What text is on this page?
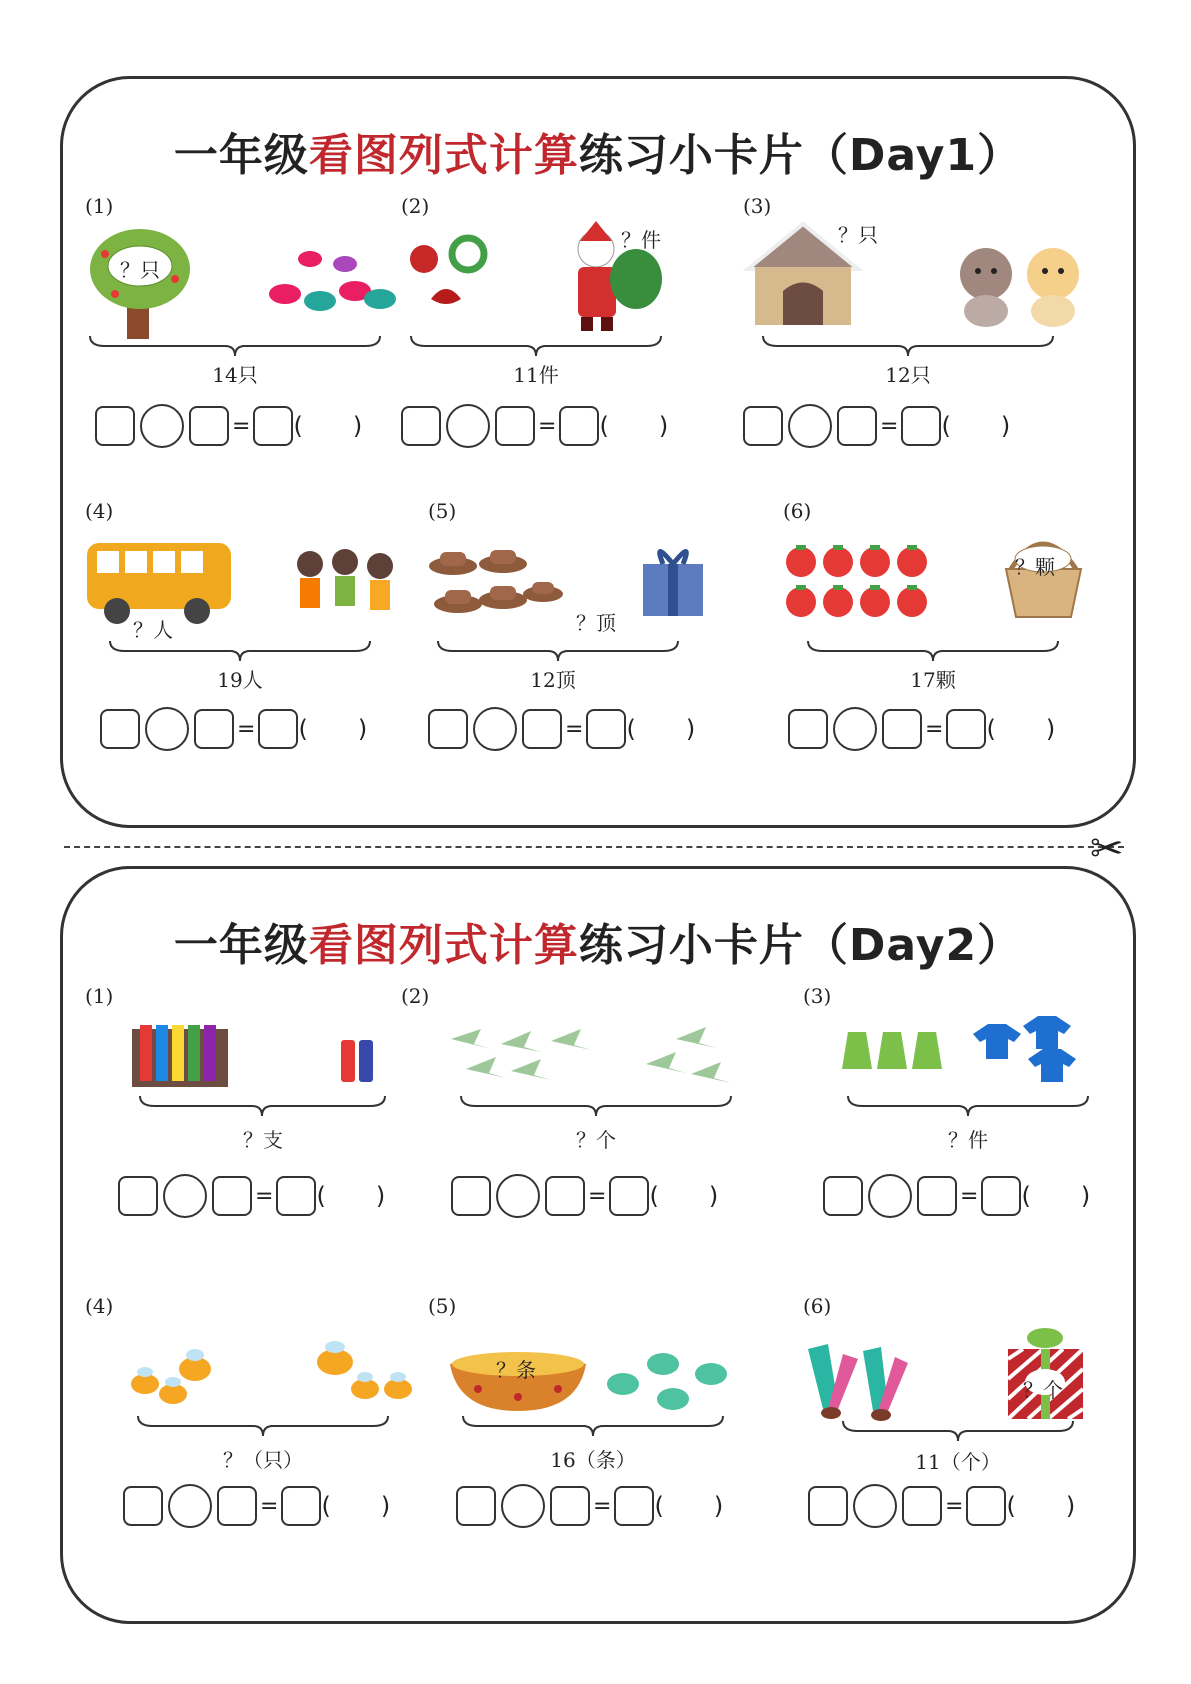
✂
一年级看图列式计算练习小卡片（Day1）
(1)
？只
14只
= ( )
(2)
？件
11件
= ( )
(3)
？只
12只
= ( )
(4)
？人
19人
= ( )
(5)
？顶
12顶
= ( )
(6)
？颗
17颗
= ( )
一年级看图列式计算练习小卡片（Day2）
(1)
？支
= ( )
(2)
？个
= ( )
(3)
？件
= ( )
(4)
？（只）
= ( )
(5)
？条
16（条）
= ( )
(6)
？个
11（个）
= ( )
